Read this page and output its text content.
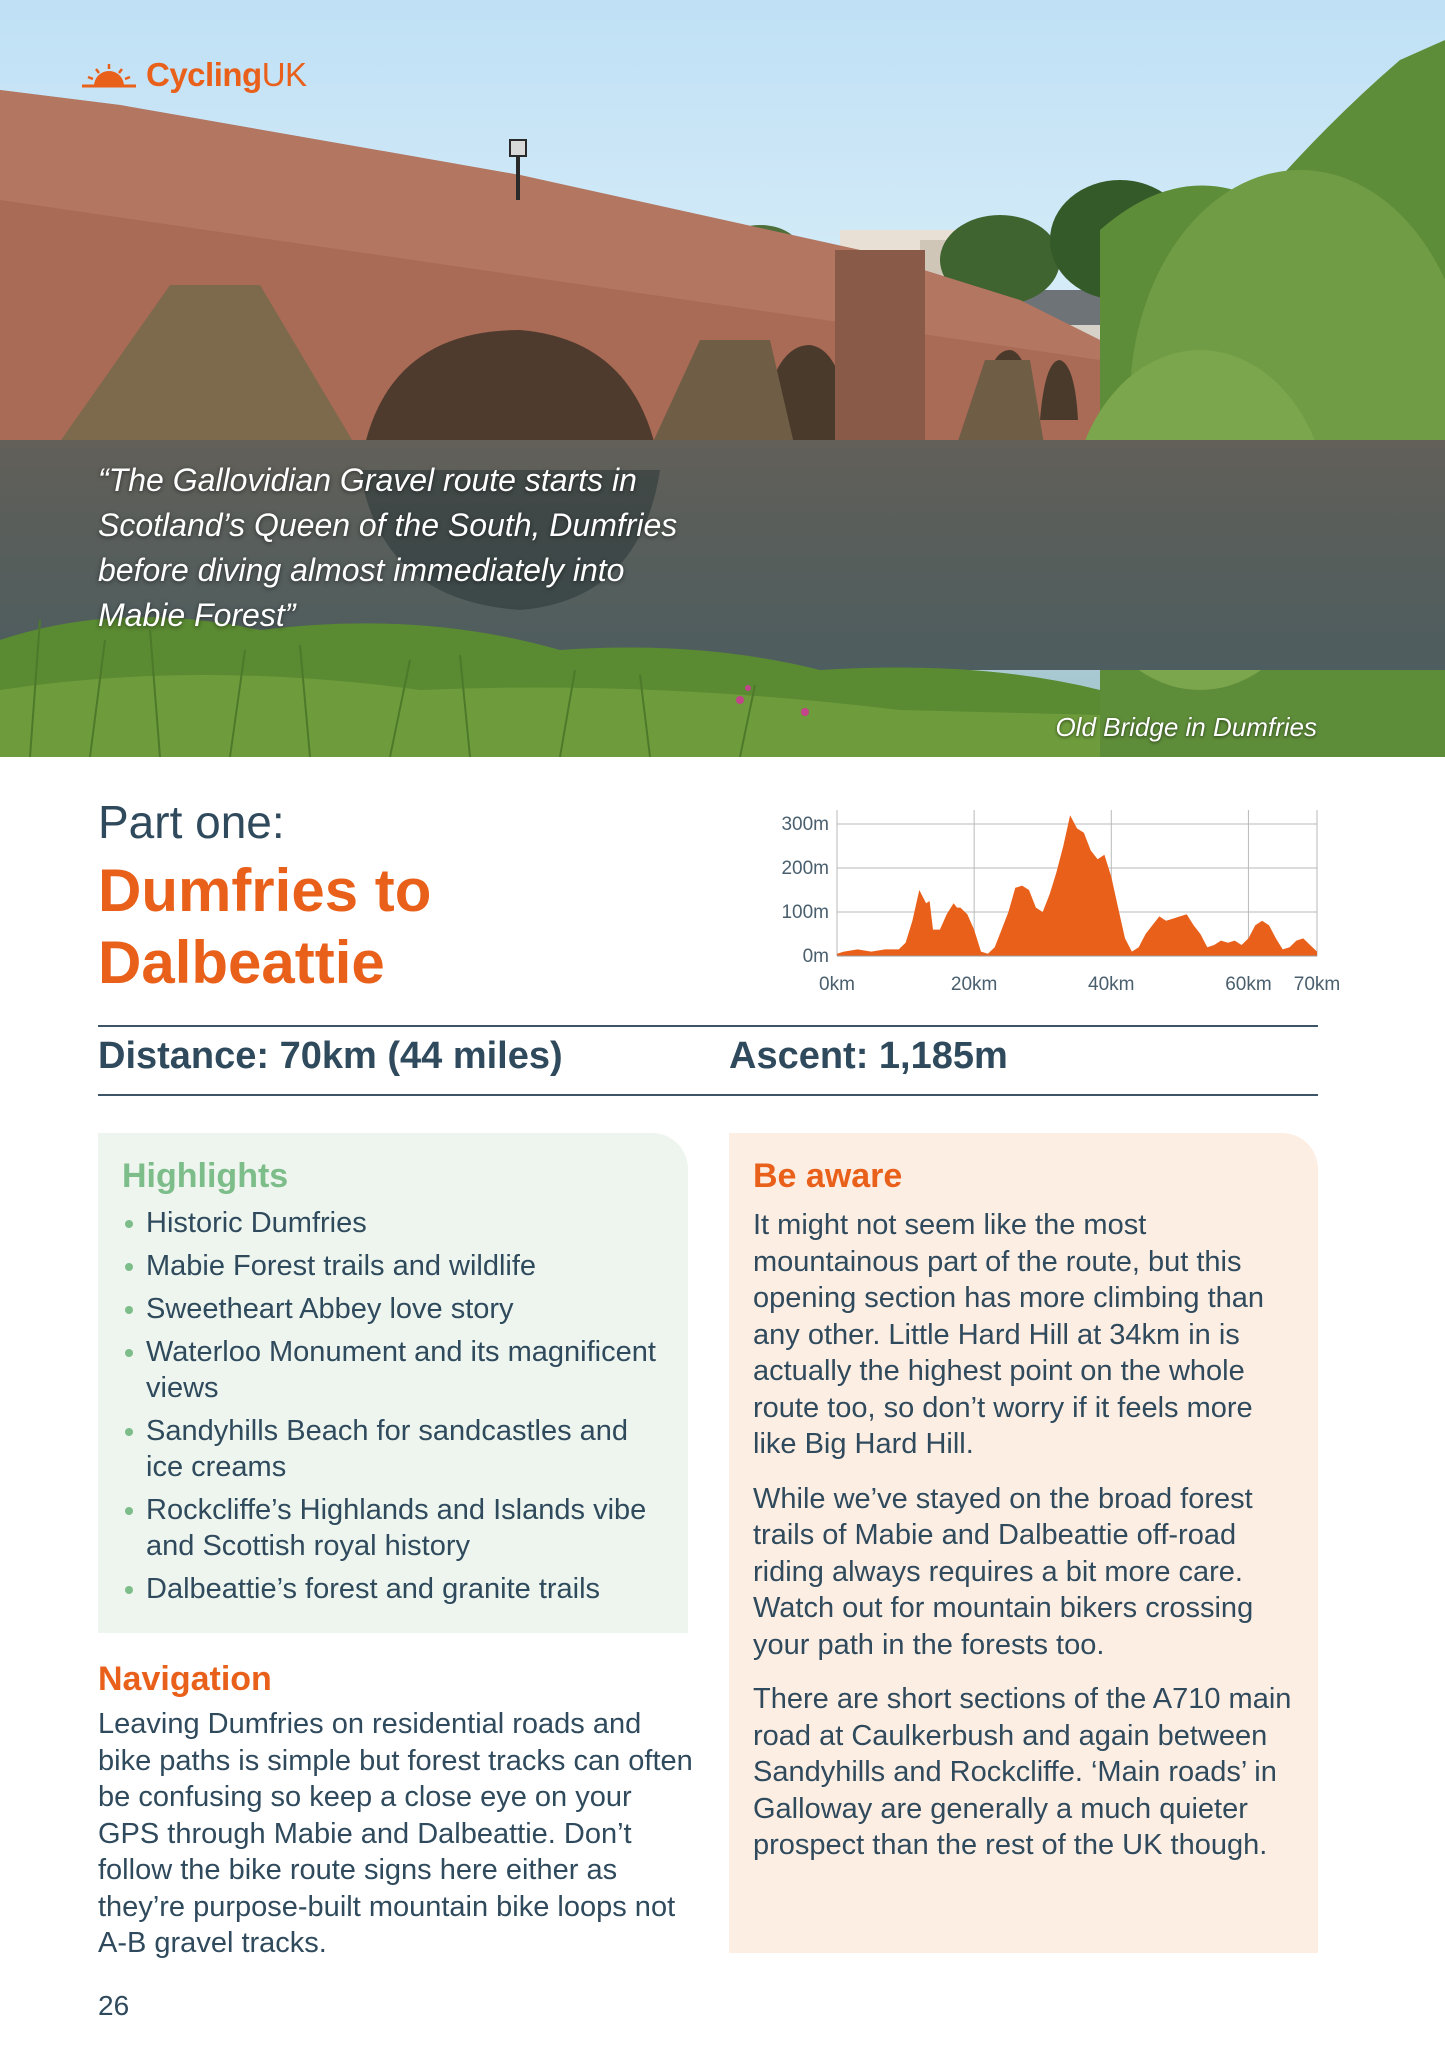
CyclingUK

“The Gallovidian Gravel route starts in Scotland’s Queen of the South, Dumfries before diving almost immediately into Mabie Forest”

Old Bridge in Dumfries
Part one:
Dumfries to Dalbeattie
300m
200m
100m
0m
0km	20km	40km	60km 70km
Distance: 70km (44 miles)	Ascent: 1,185m
Highlights
Historic Dumfries
Mabie Forest trails and wildlife
Sweetheart Abbey love story
Waterloo Monument and its magnificent views
Sandyhills Beach for sandcastles and ice creams
Rockcliffe’s Highlands and Islands vibe and Scottish royal history
Dalbeattie’s forest and granite trails
Navigation

Leaving Dumfries on residential roads and bike paths is simple but forest tracks can often be confusing so keep a close eye on your GPS through Mabie and Dalbeattie. Don’t follow the bike route signs here either as they’re purpose-built mountain bike loops not A-B gravel tracks.

Be aware

It might not seem like the most mountainous part of the route, but this opening section has more climbing than any other. Little Hard Hill at 34km in is actually the highest point on the whole route too, so don’t worry if it feels more like Big Hard Hill.

While we’ve stayed on the broad forest trails of Mabie and Dalbeattie off-road riding always requires a bit more care. Watch out for mountain bikers crossing your path in the forests too.

There are short sections of the A710 main road at Caulkerbush and again between Sandyhills and Rockcliffe. ‘Main roads’ in Galloway are generally a much quieter prospect than the rest of the UK though.

26
